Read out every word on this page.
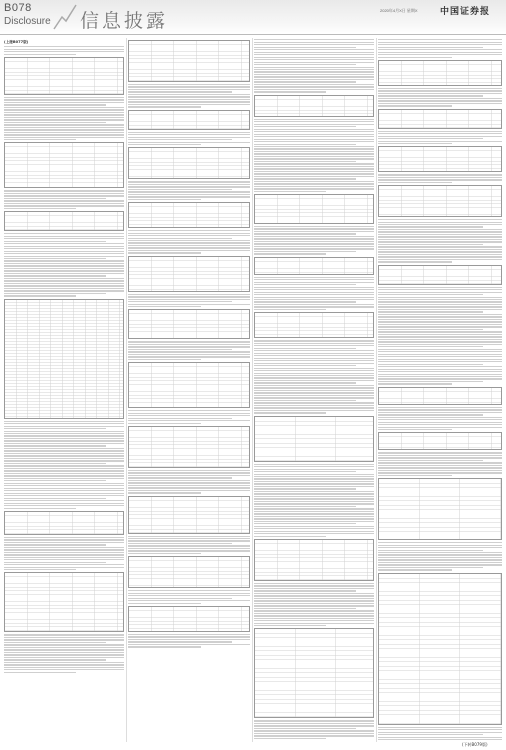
B078
Disclosure 信息披露	2020年4月X日 星期X 中国证券报
(上接B077版)
(下转B079版)
